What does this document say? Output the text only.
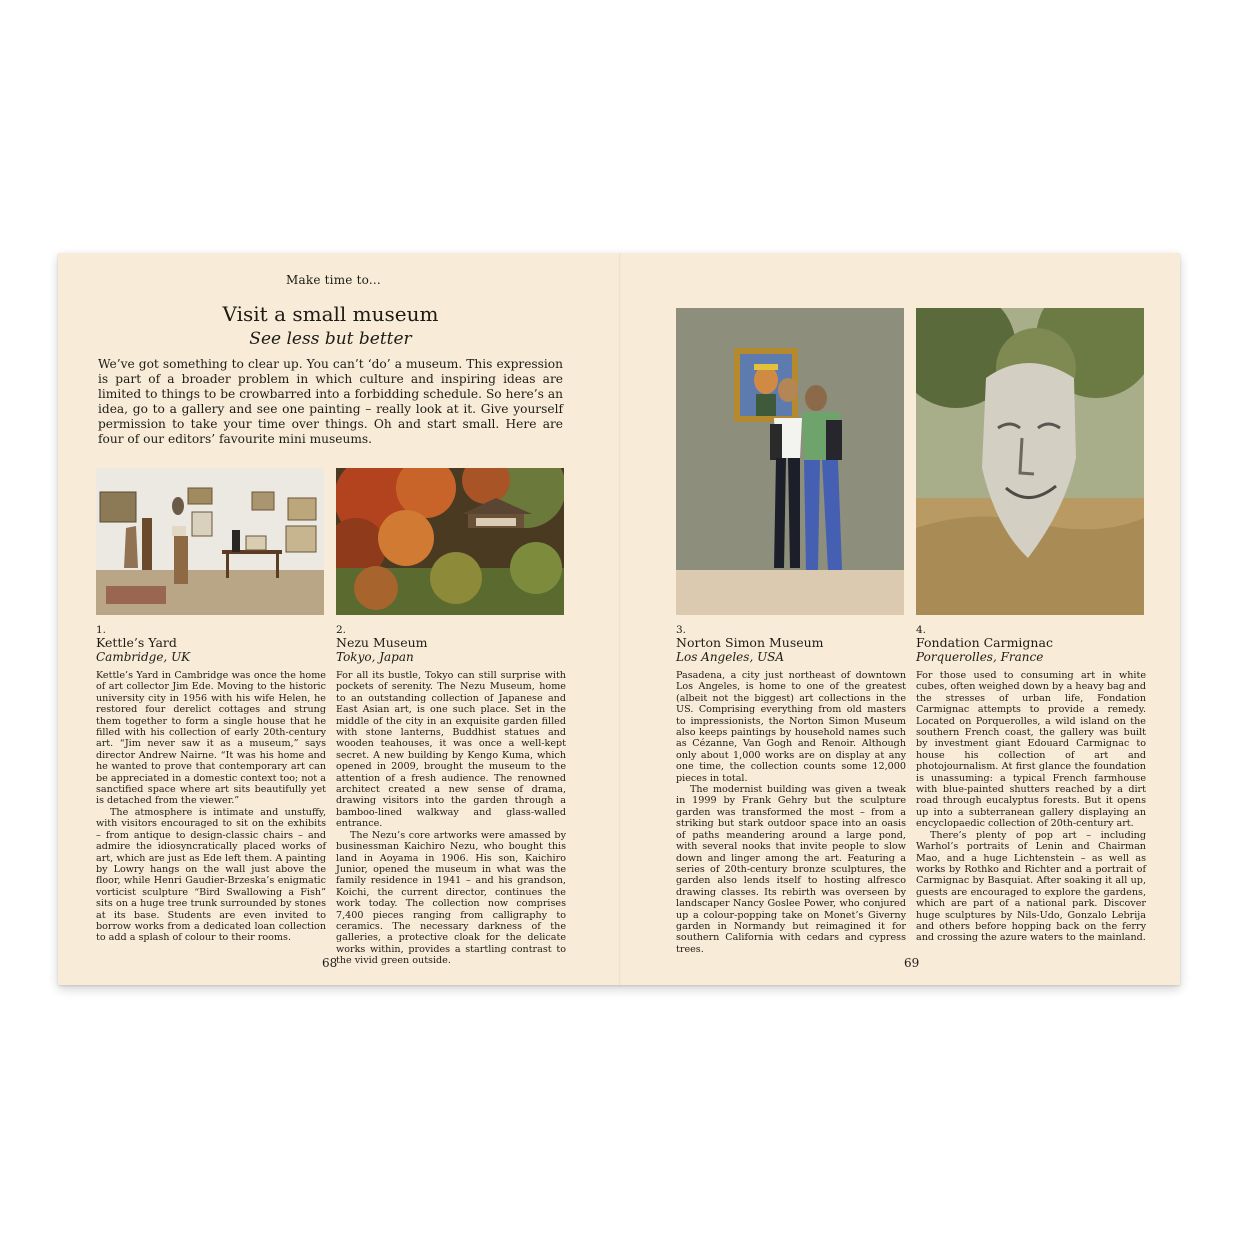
Make time to...
Visit a small museum
See less but better
We’ve got something to clear up. You can’t ‘do’ a museum. This expression is part of a broader problem in which culture and inspiring ideas are limited to things to be crowbarred into a forbidding schedule. So here’s an idea, go to a gallery and see one painting – really look at it. Give yourself permission to take your time over things. Oh and start small. Here are four of our editors’ favourite mini museums.
1.
Kettle’s Yard
Cambridge, UK

Kettle’s Yard in Cambridge was once the home of art collector Jim Ede. Moving to the historic university city in 1956 with his wife Helen, he restored four derelict cottages and strung them together to form a single house that he filled with his collection of early 20th-century art. “Jim never saw it as a museum,” says director Andrew Nairne. “It was his home and he wanted to prove that contemporary art can be appreciated in a domestic context too; not a sanctified space where art sits beautifully yet is detached from the viewer.”

The atmosphere is intimate and unstuffy, with visitors encouraged to sit on the exhibits – from antique to design-classic chairs – and admire the idiosyncratically placed works of art, which are just as Ede left them. A painting by Lowry hangs on the wall just above the floor, while Henri Gaudier-Brzeska’s enigmatic vorticist sculpture “Bird Swallowing a Fish” sits on a huge tree trunk surrounded by stones at its base. Students are even invited to borrow works from a dedicated loan collection to add a splash of colour to their rooms.

2.
Nezu Museum
Tokyo, Japan

For all its bustle, Tokyo can still surprise with pockets of serenity. The Nezu Museum, home to an outstanding collection of Japanese and East Asian art, is one such place. Set in the middle of the city in an exquisite garden filled with stone lanterns, Buddhist statues and wooden teahouses, it was once a well-kept secret. A new building by Kengo Kuma, which opened in 2009, brought the museum to the attention of a fresh audience. The renowned architect created a new sense of drama, drawing visitors into the garden through a bamboo-lined walkway and glass-walled entrance.

The Nezu’s core artworks were amassed by businessman Kaichiro Nezu, who bought this land in Aoyama in 1906. His son, Kaichiro Junior, opened the museum in what was the family residence in 1941 – and his grandson, Koichi, the current director, continues the work today. The collection now comprises 7,400 pieces ranging from calligraphy to ceramics. The necessary darkness of the galleries, a protective cloak for the delicate works within, provides a startling contrast to the vivid green outside.

3.
Norton Simon Museum
Los Angeles, USA

Pasadena, a city just northeast of downtown Los Angeles, is home to one of the greatest (albeit not the biggest) art collections in the US. Comprising everything from old masters to impressionists, the Norton Simon Museum also keeps paintings by household names such as Cézanne, Van Gogh and Renoir. Although only about 1,000 works are on display at any one time, the collection counts some 12,000 pieces in total.

The modernist building was given a tweak in 1999 by Frank Gehry but the sculpture garden was transformed the most – from a striking but stark outdoor space into an oasis of paths meandering around a large pond, with several nooks that invite people to slow down and linger among the art. Featuring a series of 20th-century bronze sculptures, the garden also lends itself to hosting alfresco drawing classes. Its rebirth was overseen by landscaper Nancy Goslee Power, who conjured up a colour-popping take on Monet’s Giverny garden in Normandy but reimagined it for southern California with cedars and cypress trees.

4.
Fondation Carmignac
Porquerolles, France

For those used to consuming art in white cubes, often weighed down by a heavy bag and the stresses of urban life, Fondation Carmignac attempts to provide a remedy. Located on Porquerolles, a wild island on the southern French coast, the gallery was built by investment giant Edouard Carmignac to house his collection of art and photojournalism. At first glance the foundation is unassuming: a typical French farmhouse with blue-painted shutters reached by a dirt road through eucalyptus forests. But it opens up into a subterranean gallery displaying an encyclopaedic collection of 20th-century art.

There’s plenty of pop art – including Warhol’s portraits of Lenin and Chairman Mao, and a huge Lichtenstein – as well as works by Rothko and Richter and a portrait of Carmignac by Basquiat. After soaking it all up, guests are encouraged to explore the gardens, which are part of a national park. Discover huge sculptures by Nils-Udo, Gonzalo Lebrija and others before hopping back on the ferry and crossing the azure waters to the mainland.

68	69
